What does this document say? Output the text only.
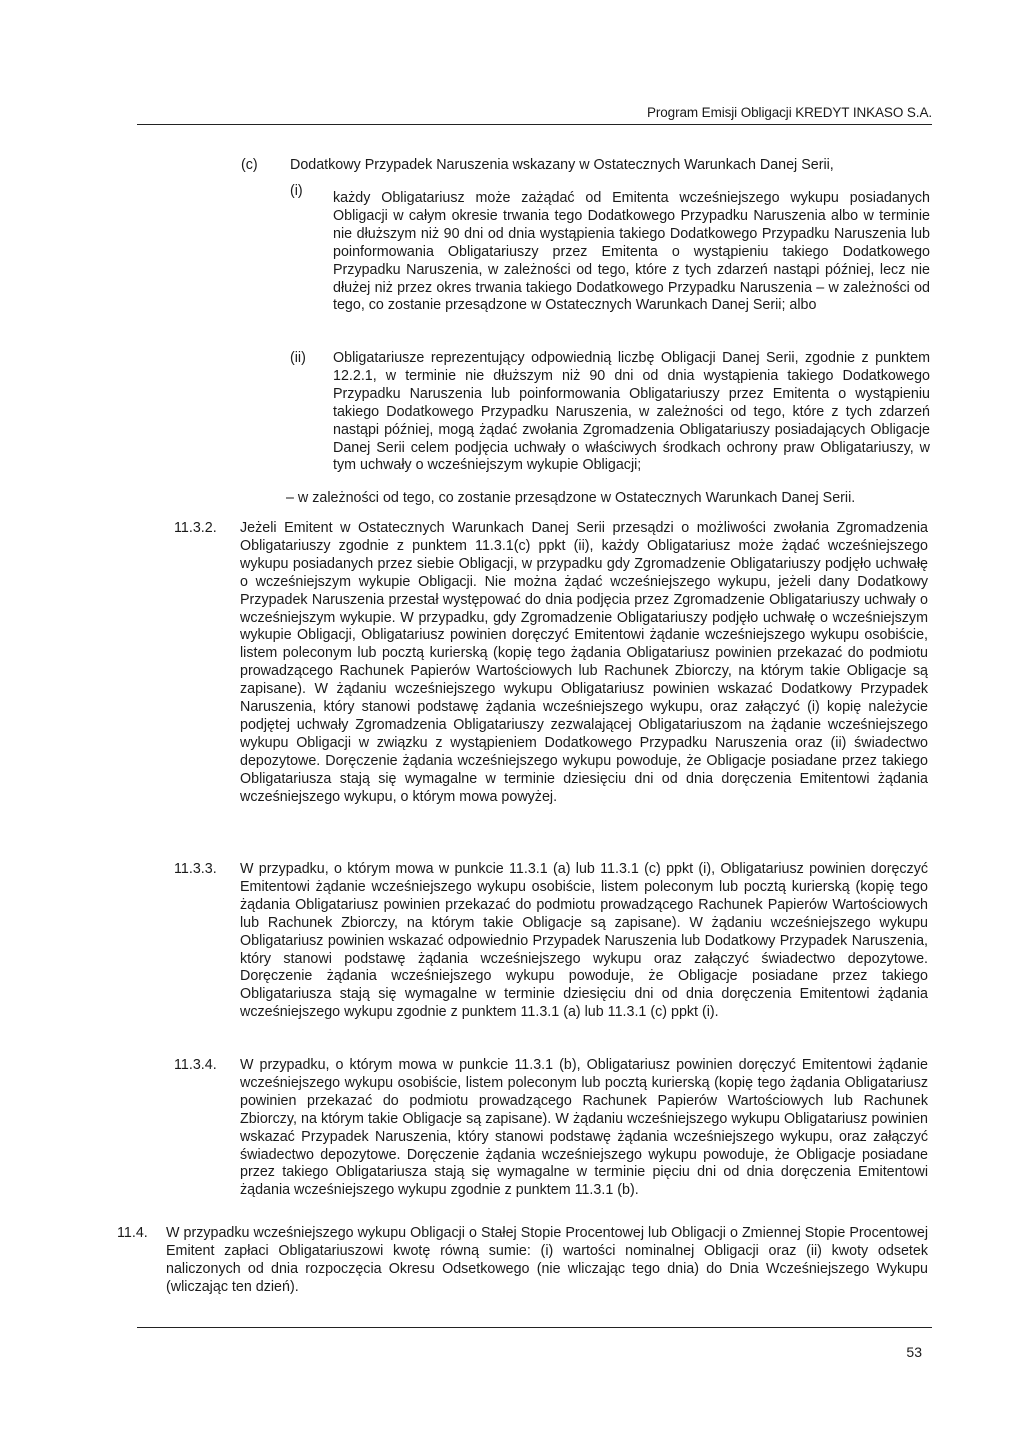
Program Emisji Obligacji KREDYT INKASO S.A.
(c) Dodatkowy Przypadek Naruszenia wskazany w Ostatecznych Warunkach Danej Serii,
(i) każdy Obligatariusz może zażądać od Emitenta wcześniejszego wykupu posiadanych Obligacji w całym okresie trwania tego Dodatkowego Przypadku Naruszenia albo w terminie nie dłuższym niż 90 dni od dnia wystąpienia takiego Dodatkowego Przypadku Naruszenia lub poinformowania Obligatariuszy przez Emitenta o wystąpieniu takiego Dodatkowego Przypadku Naruszenia, w zależności od tego, które z tych zdarzeń nastąpi później, lecz nie dłużej niż przez okres trwania takiego Dodatkowego Przypadku Naruszenia – w zależności od tego, co zostanie przesądzone w Ostatecznych Warunkach Danej Serii; albo
(ii) Obligatariusze reprezentujący odpowiednią liczbę Obligacji Danej Serii, zgodnie z punktem 12.2.1, w terminie nie dłuższym niż 90 dni od dnia wystąpienia takiego Dodatkowego Przypadku Naruszenia lub poinformowania Obligatariuszy przez Emitenta o wystąpieniu takiego Dodatkowego Przypadku Naruszenia, w zależności od tego, które z tych zdarzeń nastąpi później, mogą żądać zwołania Zgromadzenia Obligatariuszy posiadających Obligacje Danej Serii celem podjęcia uchwały o właściwych środkach ochrony praw Obligatariuszy, w tym uchwały o wcześniejszym wykupie Obligacji;
– w zależności od tego, co zostanie przesądzone w Ostatecznych Warunkach Danej Serii.
11.3.2. Jeżeli Emitent w Ostatecznych Warunkach Danej Serii przesądzi o możliwości zwołania Zgromadzenia Obligatariuszy zgodnie z punktem 11.3.1(c) ppkt (ii), każdy Obligatariusz może żądać wcześniejszego wykupu posiadanych przez siebie Obligacji, w przypadku gdy Zgromadzenie Obligatariuszy podjęło uchwałę o wcześniejszym wykupie Obligacji. Nie można żądać wcześniejszego wykupu, jeżeli dany Dodatkowy Przypadek Naruszenia przestał występować do dnia podjęcia przez Zgromadzenie Obligatariuszy uchwały o wcześniejszym wykupie. W przypadku, gdy Zgromadzenie Obligatariuszy podjęło uchwałę o wcześniejszym wykupie Obligacji, Obligatariusz powinien doręczyć Emitentowi żądanie wcześniejszego wykupu osobiście, listem poleconym lub pocztą kurierską (kopię tego żądania Obligatariusz powinien przekazać do podmiotu prowadzącego Rachunek Papierów Wartościowych lub Rachunek Zbiorczy, na którym takie Obligacje są zapisane). W żądaniu wcześniejszego wykupu Obligatariusz powinien wskazać Dodatkowy Przypadek Naruszenia, który stanowi podstawę żądania wcześniejszego wykupu, oraz załączyć (i) kopię należycie podjętej uchwały Zgromadzenia Obligatariuszy zezwalającej Obligatariuszom na żądanie wcześniejszego wykupu Obligacji w związku z wystąpieniem Dodatkowego Przypadku Naruszenia oraz (ii) świadectwo depozytowe. Doręczenie żądania wcześniejszego wykupu powoduje, że Obligacje posiadane przez takiego Obligatariusza stają się wymagalne w terminie dziesięciu dni od dnia doręczenia Emitentowi żądania wcześniejszego wykupu, o którym mowa powyżej.
11.3.3. W przypadku, o którym mowa w punkcie 11.3.1 (a) lub 11.3.1 (c) ppkt (i), Obligatariusz powinien doręczyć Emitentowi żądanie wcześniejszego wykupu osobiście, listem poleconym lub pocztą kurierską (kopię tego żądania Obligatariusz powinien przekazać do podmiotu prowadzącego Rachunek Papierów Wartościowych lub Rachunek Zbiorczy, na którym takie Obligacje są zapisane). W żądaniu wcześniejszego wykupu Obligatariusz powinien wskazać odpowiednio Przypadek Naruszenia lub Dodatkowy Przypadek Naruszenia, który stanowi podstawę żądania wcześniejszego wykupu oraz załączyć świadectwo depozytowe. Doręczenie żądania wcześniejszego wykupu powoduje, że Obligacje posiadane przez takiego Obligatariusza stają się wymagalne w terminie dziesięciu dni od dnia doręczenia Emitentowi żądania wcześniejszego wykupu zgodnie z punktem 11.3.1 (a) lub 11.3.1 (c) ppkt (i).
11.3.4. W przypadku, o którym mowa w punkcie 11.3.1 (b), Obligatariusz powinien doręczyć Emitentowi żądanie wcześniejszego wykupu osobiście, listem poleconym lub pocztą kurierską (kopię tego żądania Obligatariusz powinien przekazać do podmiotu prowadzącego Rachunek Papierów Wartościowych lub Rachunek Zbiorczy, na którym takie Obligacje są zapisane). W żądaniu wcześniejszego wykupu Obligatariusz powinien wskazać Przypadek Naruszenia, który stanowi podstawę żądania wcześniejszego wykupu, oraz załączyć świadectwo depozytowe. Doręczenie żądania wcześniejszego wykupu powoduje, że Obligacje posiadane przez takiego Obligatariusza stają się wymagalne w terminie pięciu dni od dnia doręczenia Emitentowi żądania wcześniejszego wykupu zgodnie z punktem 11.3.1 (b).
11.4. W przypadku wcześniejszego wykupu Obligacji o Stałej Stopie Procentowej lub Obligacji o Zmiennej Stopie Procentowej Emitent zapłaci Obligatariuszowi kwotę równą sumie: (i) wartości nominalnej Obligacji oraz (ii) kwoty odsetek naliczonych od dnia rozpoczęcia Okresu Odsetkowego (nie wliczając tego dnia) do Dnia Wcześniejszego Wykupu (wliczając ten dzień).
53
